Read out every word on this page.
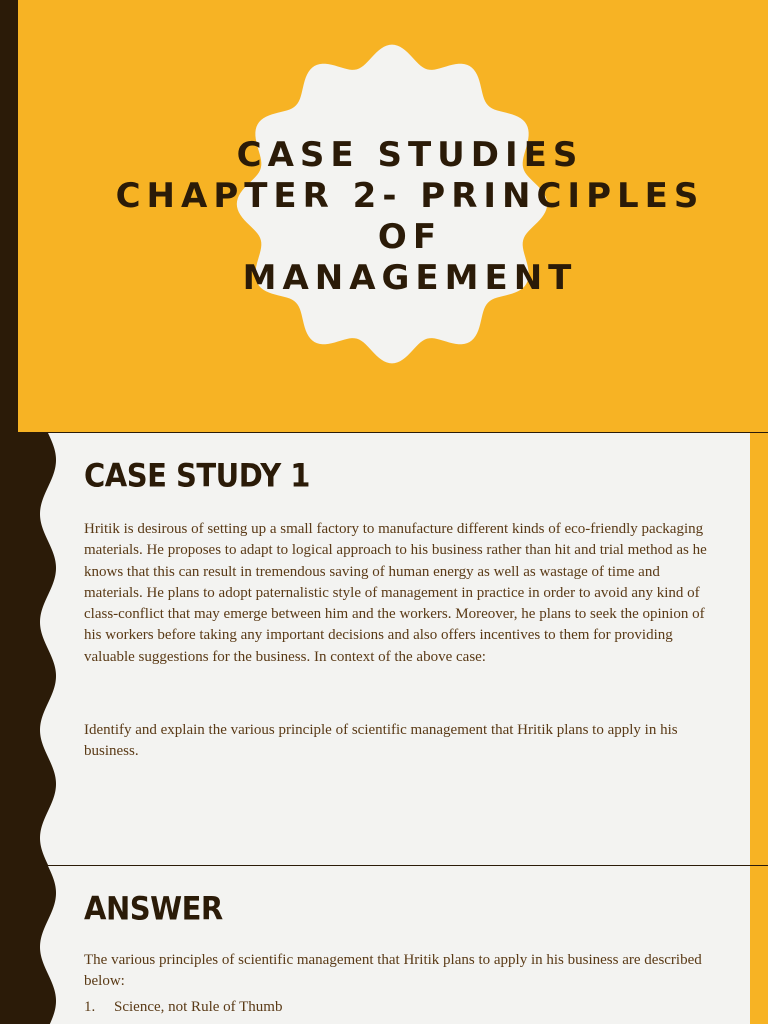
CASE STUDIES
CHAPTER 2- PRINCIPLES OF
MANAGEMENT
CASE STUDY 1

Hritik is desirous of setting up a small factory to manufacture different kinds of eco-friendly packaging materials. He proposes to adapt to logical approach to his business rather than hit and trial method as he knows that this can result in tremendous saving of human energy as well as wastage of time and materials. He plans to adopt paternalistic style of management in practice in order to avoid any kind of class-conflict that may emerge between him and the workers. Moreover, he plans to seek the opinion of his workers before taking any important decisions and also offers incentives to them for providing valuable suggestions for the business. In context of the above case:

Identify and explain the various principle of scientific management that Hritik plans to apply in his business.

ANSWER

The various principles of scientific management that Hritik plans to apply in his business are described below:

1. Science, not Rule of Thumb
